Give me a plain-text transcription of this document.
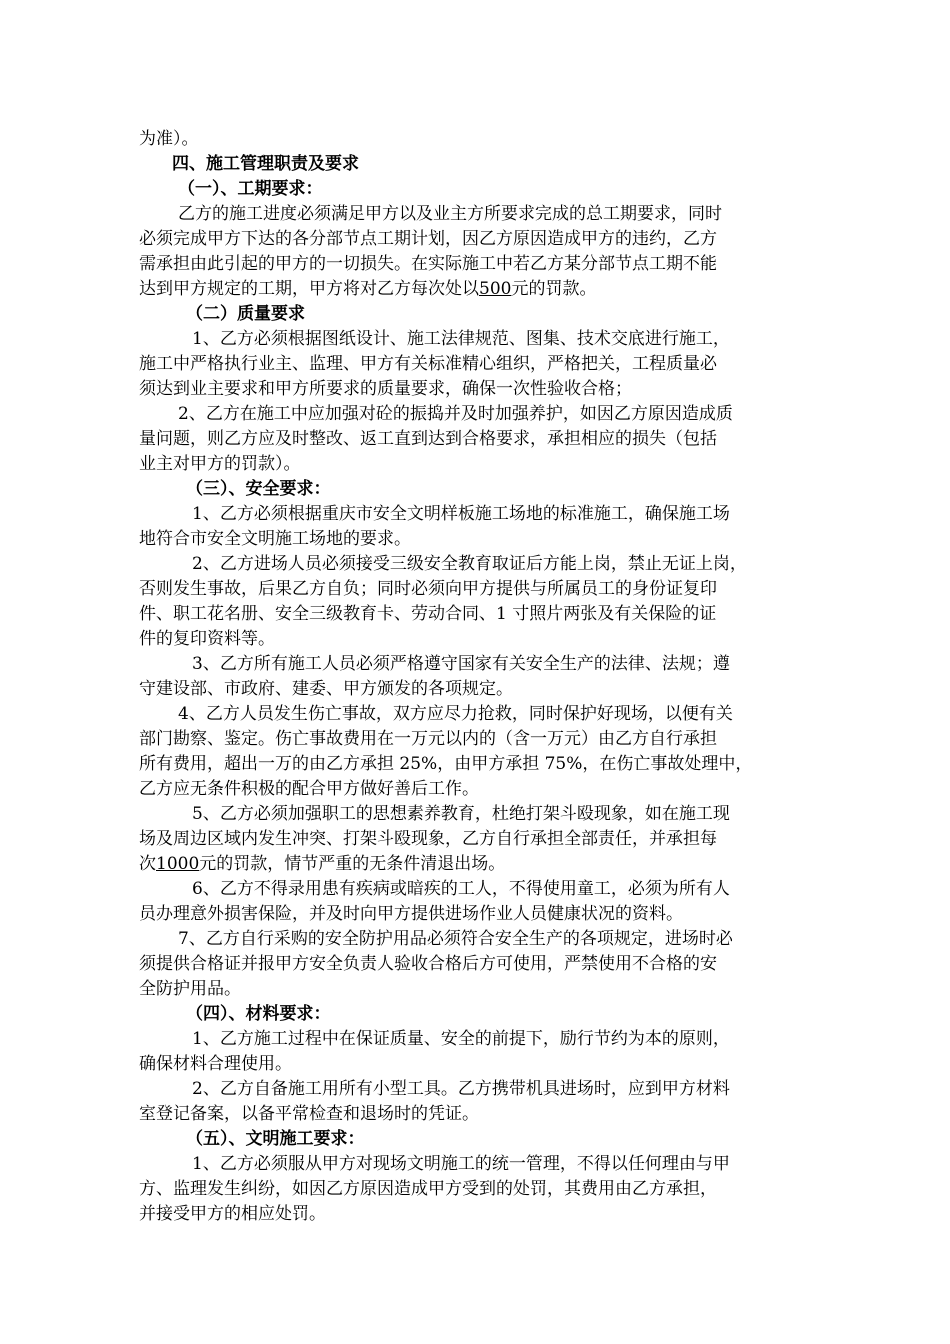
为准）。

四、施工管理职责及要求

（一）、工期要求：

乙方的施工进度必须满足甲方以及业主方所要求完成的总工期要求，同时

必须完成甲方下达的各分部节点工期计划，因乙方原因造成甲方的违约，乙方

需承担由此引起的甲方的一切损失。在实际施工中若乙方某分部节点工期不能

达到甲方规定的工期，甲方将对乙方每次处以500元的罚款。

（二）质量要求

1、乙方必须根据图纸设计、施工法律规范、图集、技术交底进行施工，

施工中严格执行业主、监理、甲方有关标准精心组织，严格把关，工程质量必

须达到业主要求和甲方所要求的质量要求，确保一次性验收合格；

2、乙方在施工中应加强对砼的振捣并及时加强养护，如因乙方原因造成质

量问题，则乙方应及时整改、返工直到达到合格要求，承担相应的损失（包括

业主对甲方的罚款）。

（三）、安全要求：

1、乙方必须根据重庆市安全文明样板施工场地的标准施工，确保施工场

地符合市安全文明施工场地的要求。

2、乙方进场人员必须接受三级安全教育取证后方能上岗，禁止无证上岗，

否则发生事故，后果乙方自负；同时必须向甲方提供与所属员工的身份证复印

件、职工花名册、安全三级教育卡、劳动合同、1 寸照片两张及有关保险的证

件的复印资料等。

3、乙方所有施工人员必须严格遵守国家有关安全生产的法律、法规；遵

守建设部、市政府、建委、甲方颁发的各项规定。

4、乙方人员发生伤亡事故，双方应尽力抢救，同时保护好现场，以便有关

部门勘察、鉴定。伤亡事故费用在一万元以内的（含一万元）由乙方自行承担

所有费用，超出一万的由乙方承担 25%，由甲方承担 75%，在伤亡事故处理中，

乙方应无条件积极的配合甲方做好善后工作。

5、乙方必须加强职工的思想素养教育，杜绝打架斗殴现象，如在施工现

场及周边区域内发生冲突、打架斗殴现象，乙方自行承担全部责任，并承担每

次1000元的罚款，情节严重的无条件清退出场。

6、乙方不得录用患有疾病或暗疾的工人，不得使用童工，必须为所有人

员办理意外损害保险，并及时向甲方提供进场作业人员健康状况的资料。

7、乙方自行采购的安全防护用品必须符合安全生产的各项规定，进场时必

须提供合格证并报甲方安全负责人验收合格后方可使用，严禁使用不合格的安

全防护用品。

（四）、材料要求：

1、乙方施工过程中在保证质量、安全的前提下，励行节约为本的原则，

确保材料合理使用。

2、乙方自备施工用所有小型工具。乙方携带机具进场时，应到甲方材料

室登记备案，以备平常检查和退场时的凭证。

（五）、文明施工要求：

1、乙方必须服从甲方对现场文明施工的统一管理，不得以任何理由与甲

方、监理发生纠纷，如因乙方原因造成甲方受到的处罚，其费用由乙方承担，

并接受甲方的相应处罚。
